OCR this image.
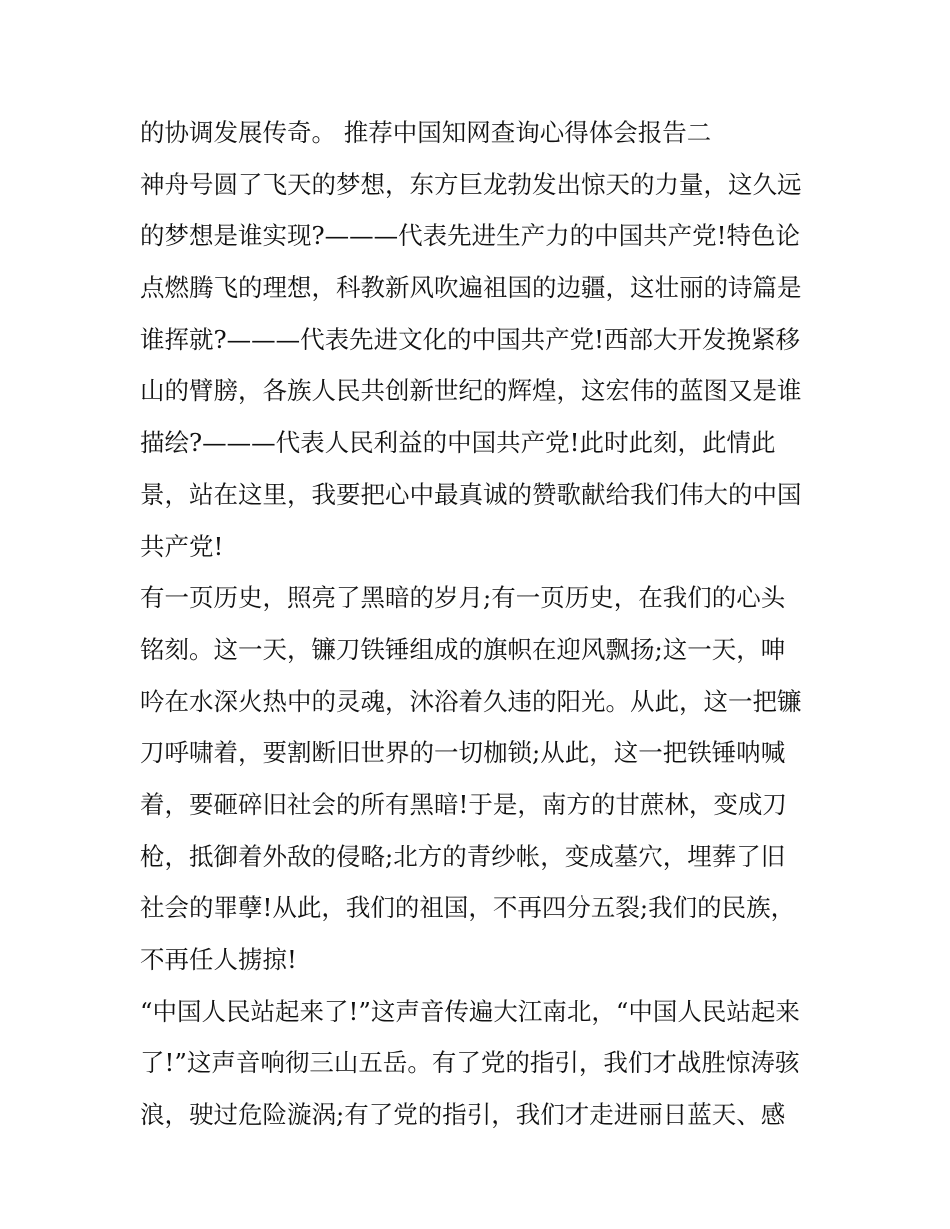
的协调发展传奇。 推荐中国知网查询心得体会报告二
神舟号圆了飞天的梦想，东方巨龙勃发出惊天的力量，这久远
的梦想是谁实现?———代表先进生产力的中国共产党!特色论
点燃腾飞的理想，科教新风吹遍祖国的边疆，这壮丽的诗篇是
谁挥就?———代表先进文化的中国共产党!西部大开发挽紧移
山的臂膀，各族人民共创新世纪的辉煌，这宏伟的蓝图又是谁
描绘?———代表人民利益的中国共产党!此时此刻，此情此
景，站在这里，我要把心中最真诚的赞歌献给我们伟大的中国
共产党!
有一页历史，照亮了黑暗的岁月;有一页历史，在我们的心头
铭刻。这一天，镰刀铁锤组成的旗帜在迎风飘扬;这一天，呻
吟在水深火热中的灵魂，沐浴着久违的阳光。从此，这一把镰
刀呼啸着，要割断旧世界的一切枷锁;从此，这一把铁锤呐喊
着，要砸碎旧社会的所有黑暗!于是，南方的甘蔗林，变成刀
枪，抵御着外敌的侵略;北方的青纱帐，变成墓穴，埋葬了旧
社会的罪孽!从此，我们的祖国，不再四分五裂;我们的民族，
不再任人掳掠!
“中国人民站起来了!”这声音传遍大江南北，“中国人民站起来
了!”这声音响彻三山五岳。有了党的指引，我们才战胜惊涛骇
浪，驶过危险漩涡;有了党的指引，我们才走进丽日蓝天、感
